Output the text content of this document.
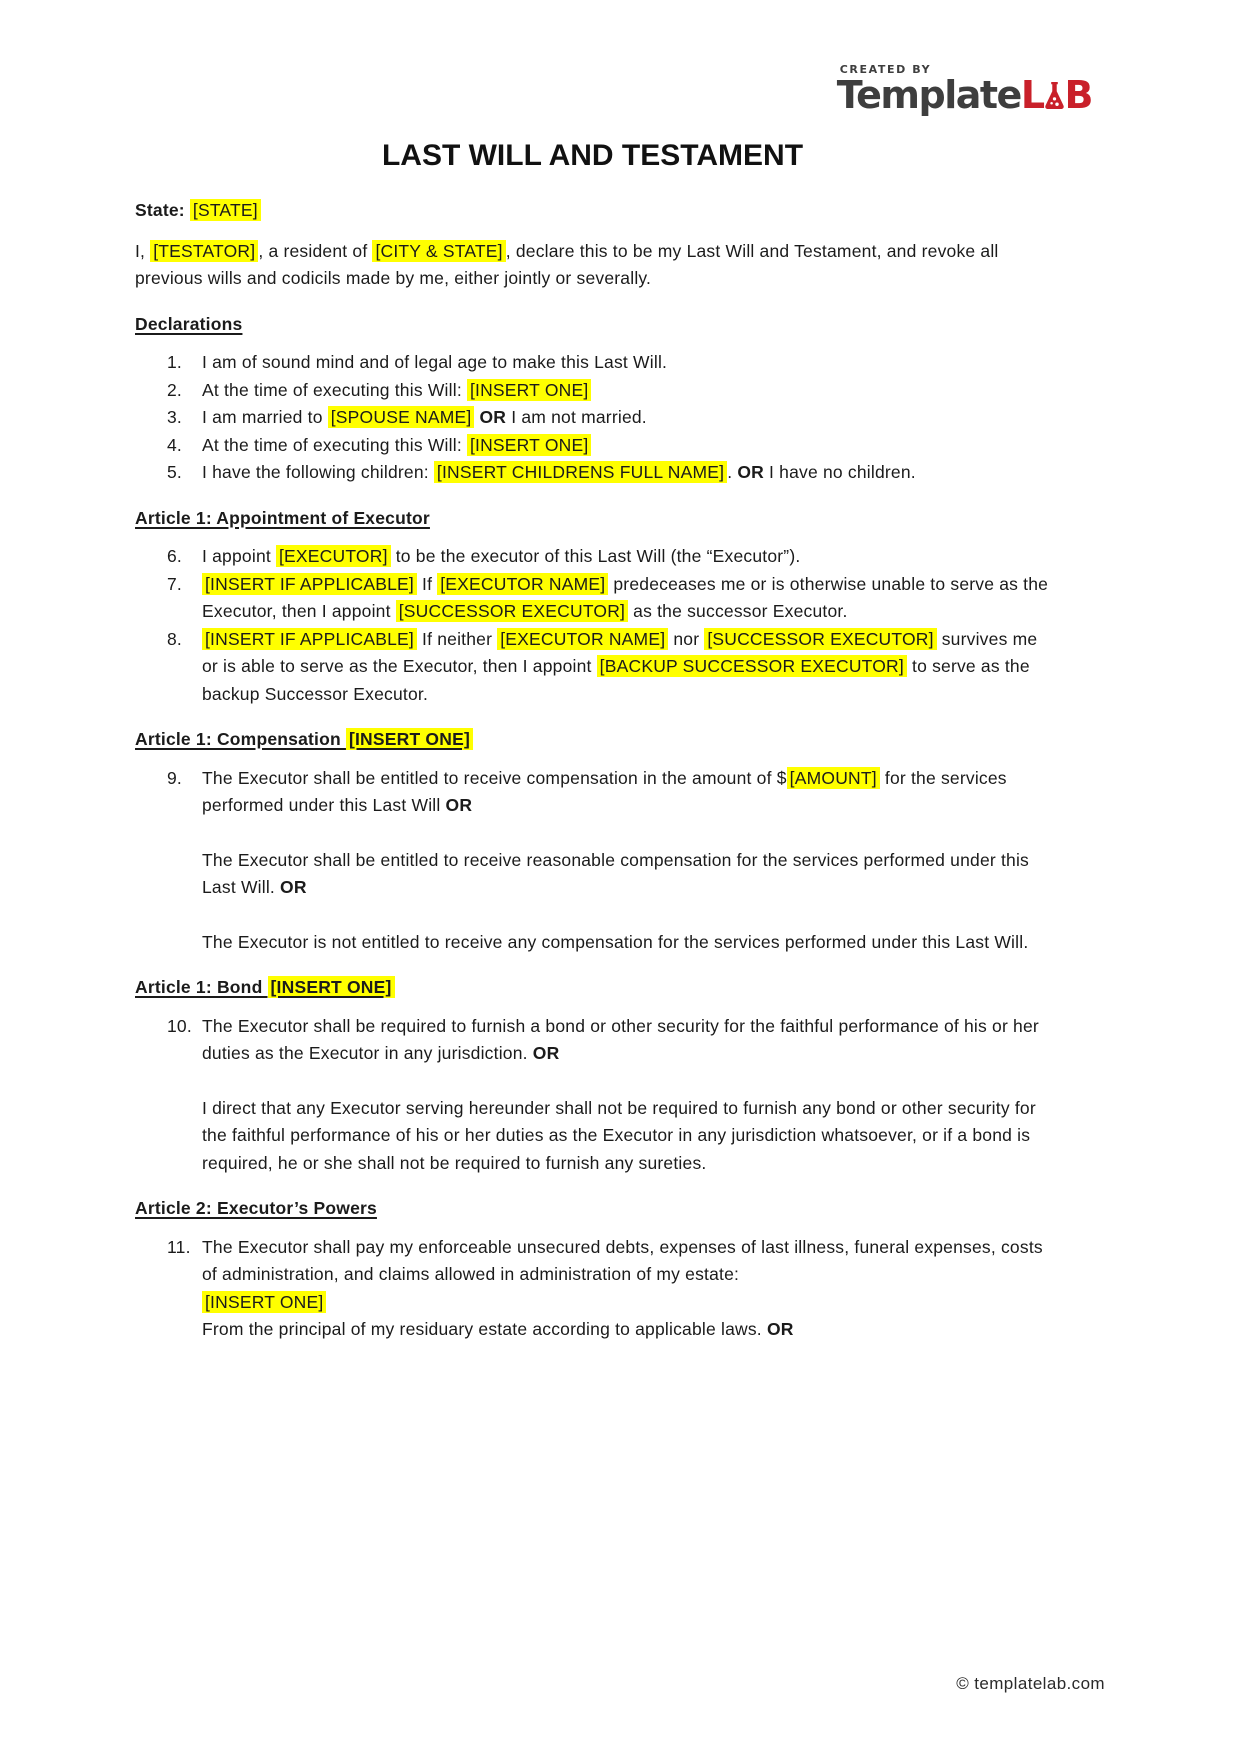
CREATED BY
TemplateL B
LAST WILL AND TESTAMENT
State: [STATE]
I, [TESTATOR] , a resident of [CITY & STATE] , declare this to be my Last Will and Testament, and revoke all previous wills and codicils made by me, either jointly or severally.
Declarations
1.	I am of sound mind and of legal age to make this Last Will.
2.	At the time of executing this Will: [INSERT ONE]
3.	I am married to [SPOUSE NAME] OR I am not married.
4.	At the time of executing this Will: [INSERT ONE]
5.	I have the following children: [INSERT CHILDRENS FULL NAME] . OR I have no children.
Article 1: Appointment of Executor
6.	I appoint [EXECUTOR] to be the executor of this Last Will (the “Executor”).
7.	[INSERT IF APPLICABLE] If [EXECUTOR NAME] predeceases me or is otherwise unable to serve as the Executor, then I appoint [SUCCESSOR EXECUTOR] as the successor Executor.
8.	[INSERT IF APPLICABLE] If neither [EXECUTOR NAME] nor [SUCCESSOR EXECUTOR] survives me or is able to serve as the Executor, then I appoint [BACKUP SUCCESSOR EXECUTOR] to serve as the backup Successor Executor.
Article 1: Compensation [INSERT ONE]
9.	The Executor shall be entitled to receive compensation in the amount of $ [AMOUNT] for the services performed under this Last Will OR
The Executor shall be entitled to receive reasonable compensation for the services performed under this Last Will. OR
The Executor is not entitled to receive any compensation for the services performed under this Last Will.
Article 1: Bond [INSERT ONE]
10. The Executor shall be required to furnish a bond or other security for the faithful performance of his or her duties as the Executor in any jurisdiction. OR
I direct that any Executor serving hereunder shall not be required to furnish any bond or other security for the faithful performance of his or her duties as the Executor in any jurisdiction whatsoever, or if a bond is required, he or she shall not be required to furnish any sureties.
Article 2: Executor’s Powers
11. The Executor shall pay my enforceable unsecured debts, expenses of last illness, funeral expenses, costs of administration, and claims allowed in administration of my estate:
[INSERT ONE]
From the principal of my residuary estate according to applicable laws. OR
© templatelab.com
